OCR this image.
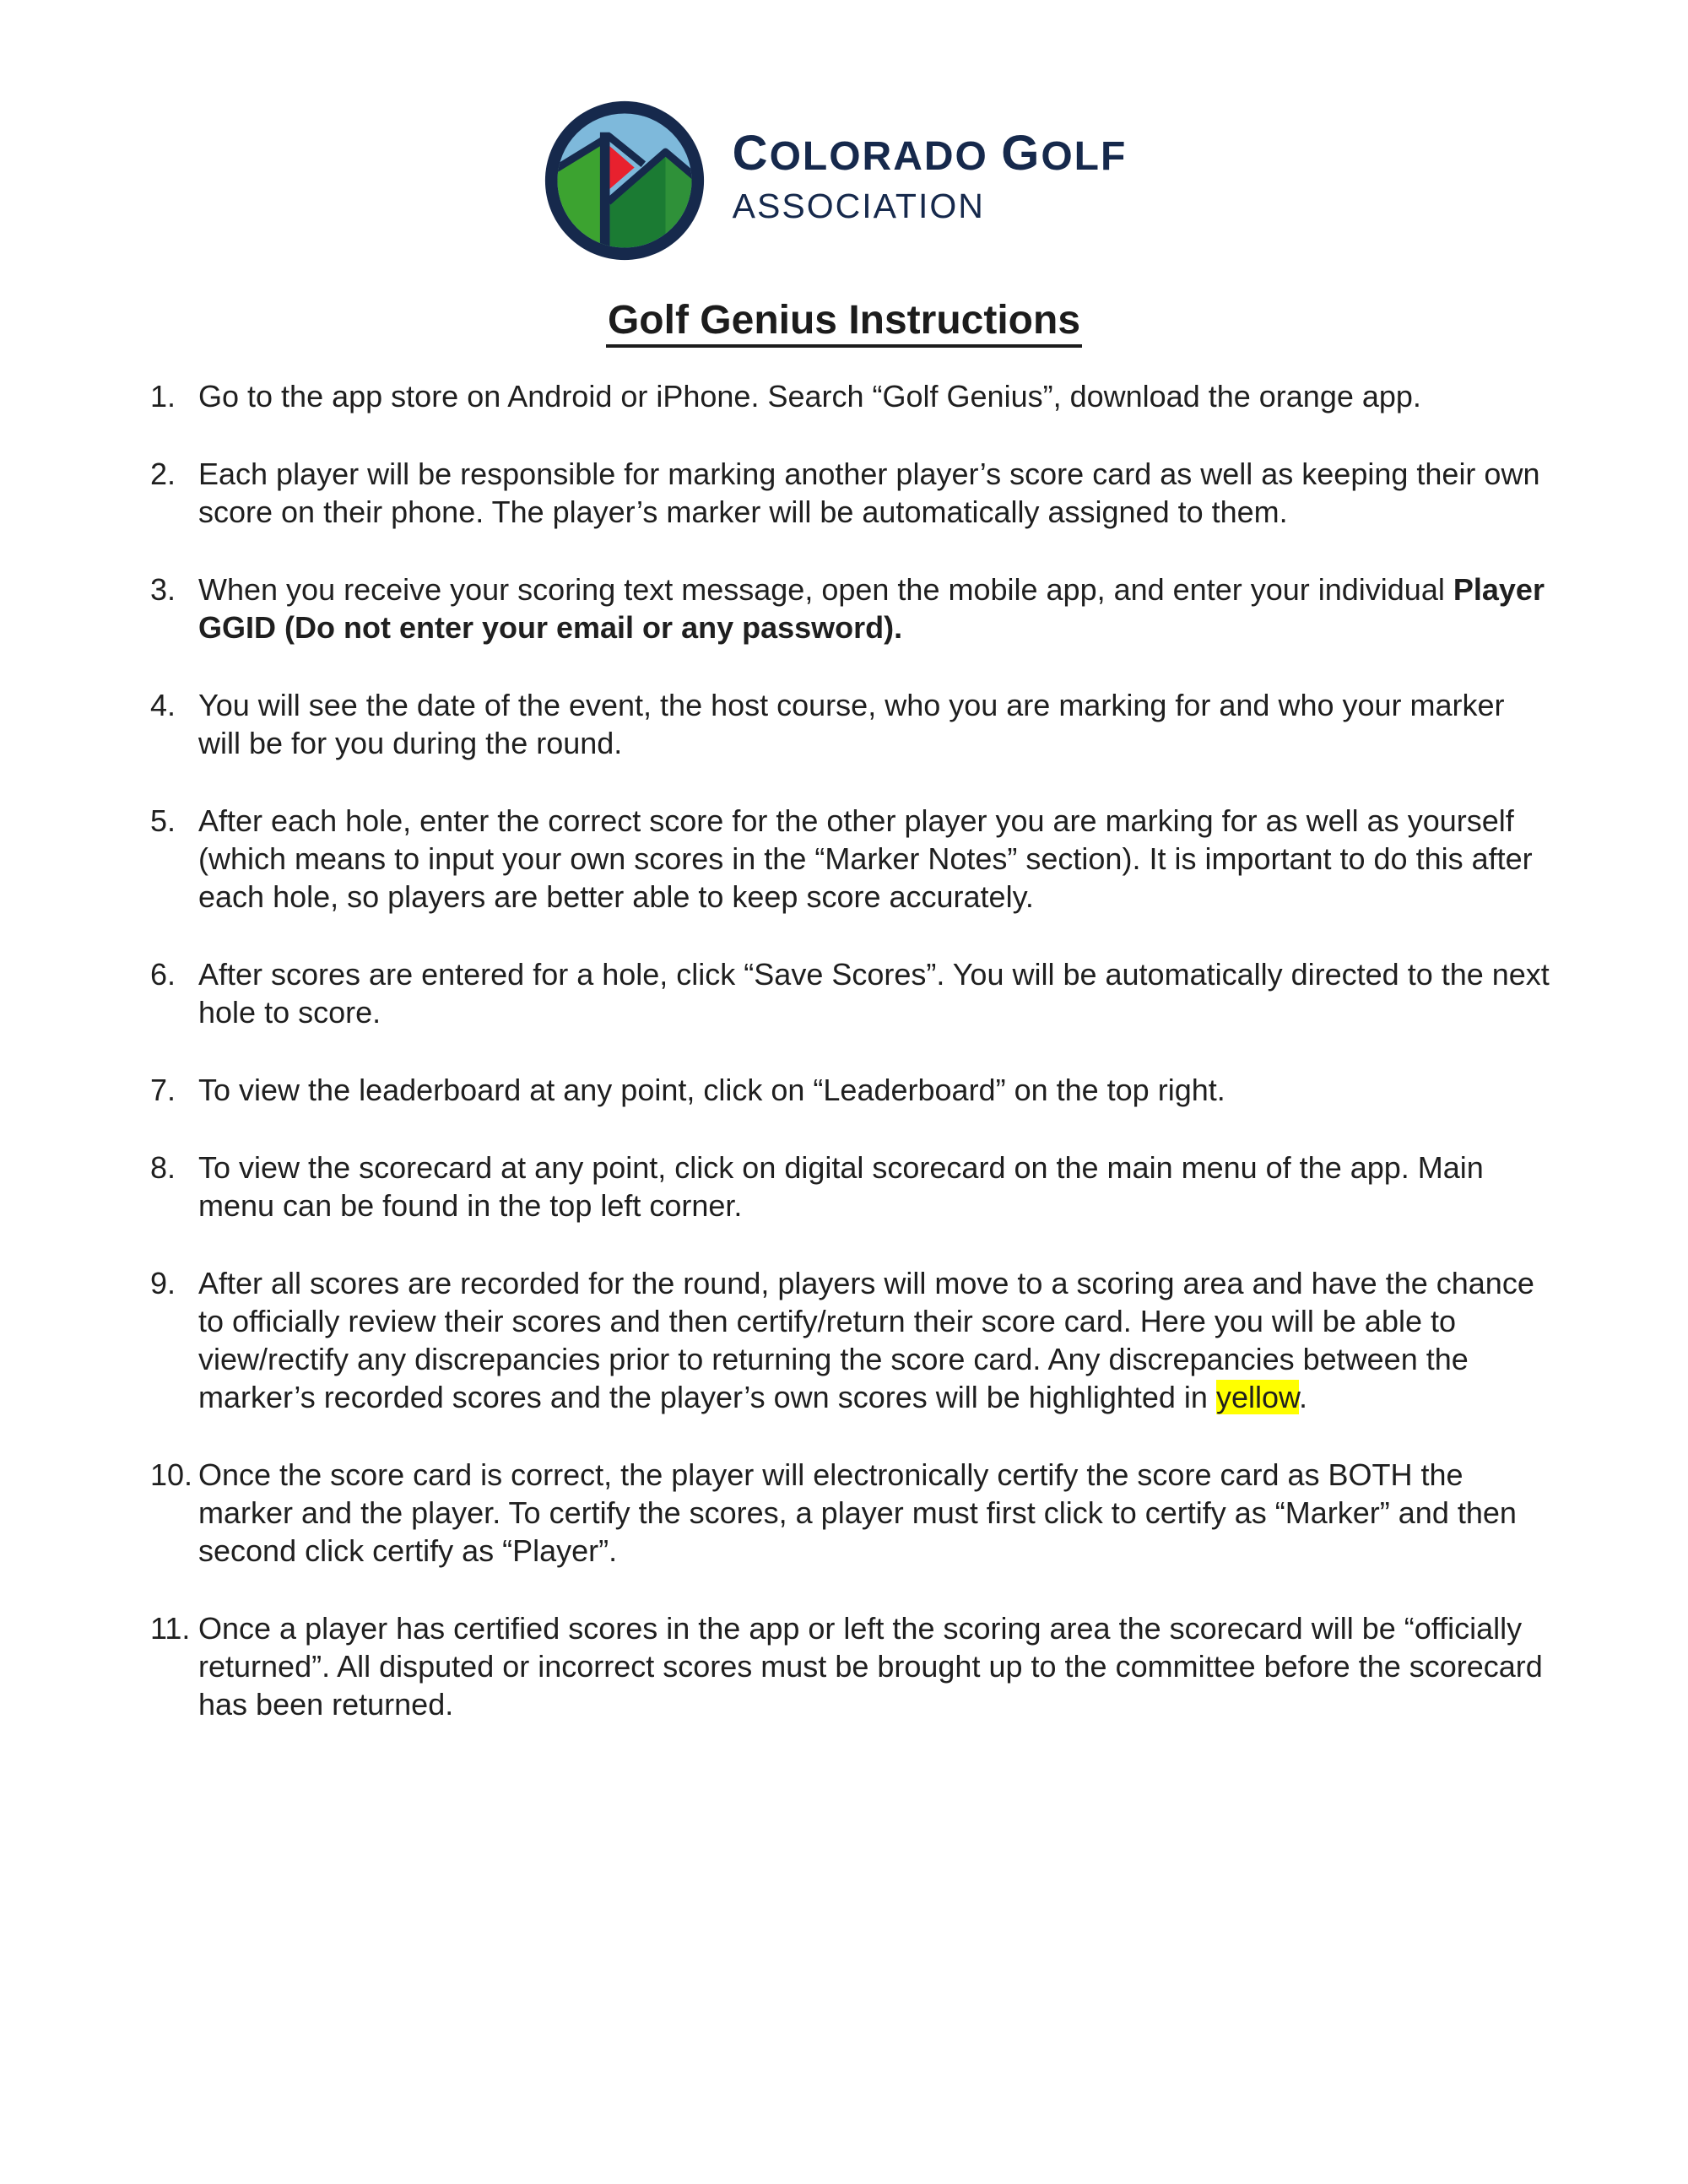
COLORADO GOLF
ASSOCIATION
Golf Genius Instructions
1. Go to the app store on Android or iPhone. Search “Golf Genius”, download the orange app.
2. Each player will be responsible for marking another player’s score card as well as keeping their own score on their phone. The player’s marker will be automatically assigned to them.
3. When you receive your scoring text message, open the mobile app, and enter your individual Player GGID (Do not enter your email or any password).
4. You will see the date of the event, the host course, who you are marking for and who your marker will be for you during the round.
5. After each hole, enter the correct score for the other player you are marking for as well as yourself (which means to input your own scores in the “Marker Notes” section). It is important to do this after each hole, so players are better able to keep score accurately.
6. After scores are entered for a hole, click “Save Scores”. You will be automatically directed to the next hole to score.
7. To view the leaderboard at any point, click on “Leaderboard” on the top right.
8. To view the scorecard at any point, click on digital scorecard on the main menu of the app. Main menu can be found in the top left corner.
9. After all scores are recorded for the round, players will move to a scoring area and have the chance to officially review their scores and then certify/return their score card. Here you will be able to view/rectify any discrepancies prior to returning the score card. Any discrepancies between the marker’s recorded scores and the player’s own scores will be highlighted in yellow.
10. Once the score card is correct, the player will electronically certify the score card as BOTH the marker and the player. To certify the scores, a player must first click to certify as “Marker” and then second click certify as “Player”.
11. Once a player has certified scores in the app or left the scoring area the scorecard will be “officially returned”. All disputed or incorrect scores must be brought up to the committee before the scorecard has been returned.
